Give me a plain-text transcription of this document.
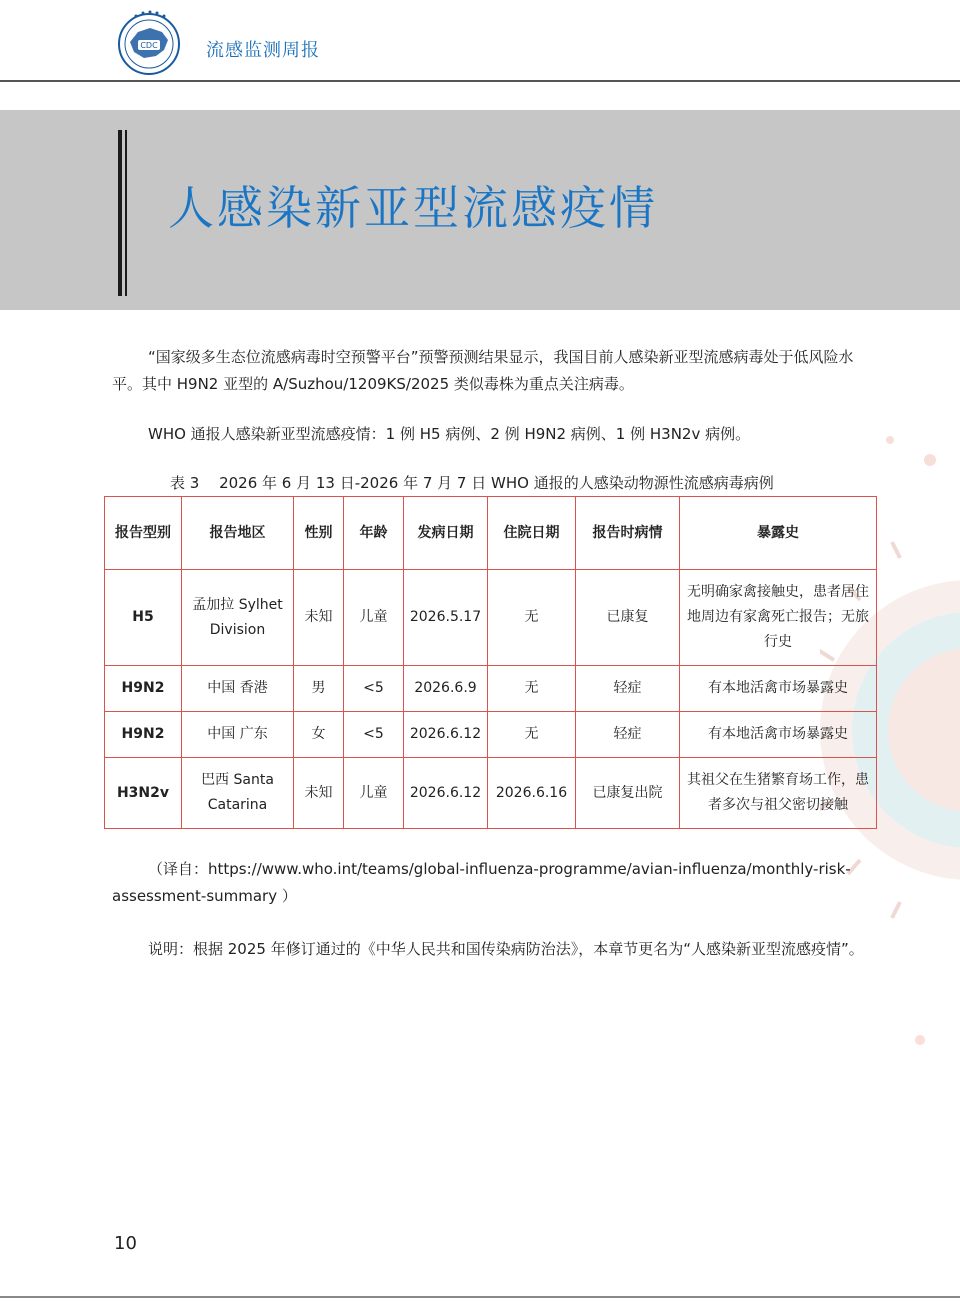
CDC	流感监测周报
人感染新亚型流感疫情
“国家级多生态位流感病毒时空预警平台”预警预测结果显示，我国目前人感染新亚型流感病毒处于低风险水平。其中 H9N2 亚型的 A/Suzhou/1209KS/2025 类似毒株为重点关注病毒。
WHO 通报人感染新亚型流感疫情：1 例 H5 病例、2 例 H9N2 病例、1 例 H3N2v 病例。
表 3　 2026 年 6 月 13 日-2026 年 7 月 7 日 WHO 通报的人感染动物源性流感病毒病例
报告型别	报告地区	性别	年龄	发病日期	住院日期	报告时病情	暴露史
H5	孟加拉 Sylhet Division	未知	儿童	2026.5.17	无	已康复	无明确家禽接触史，患者居住地周边有家禽死亡报告；无旅行史
H9N2	中国 香港	男	<5	2026.6.9	无	轻症	有本地活禽市场暴露史
H9N2	中国 广东	女	<5	2026.6.12	无	轻症	有本地活禽市场暴露史
H3N2v	巴西 Santa Catarina	未知	儿童	2026.6.12	2026.6.16	已康复出院	其祖父在生猪繁育场工作，患者多次与祖父密切接触
（译自：https://www.who.int/teams/global-influenza-programme/avian-influenza/monthly-risk-assessment-summary ）
说明：根据 2025 年修订通过的《中华人民共和国传染病防治法》，本章节更名为“人感染新亚型流感疫情”。
10
